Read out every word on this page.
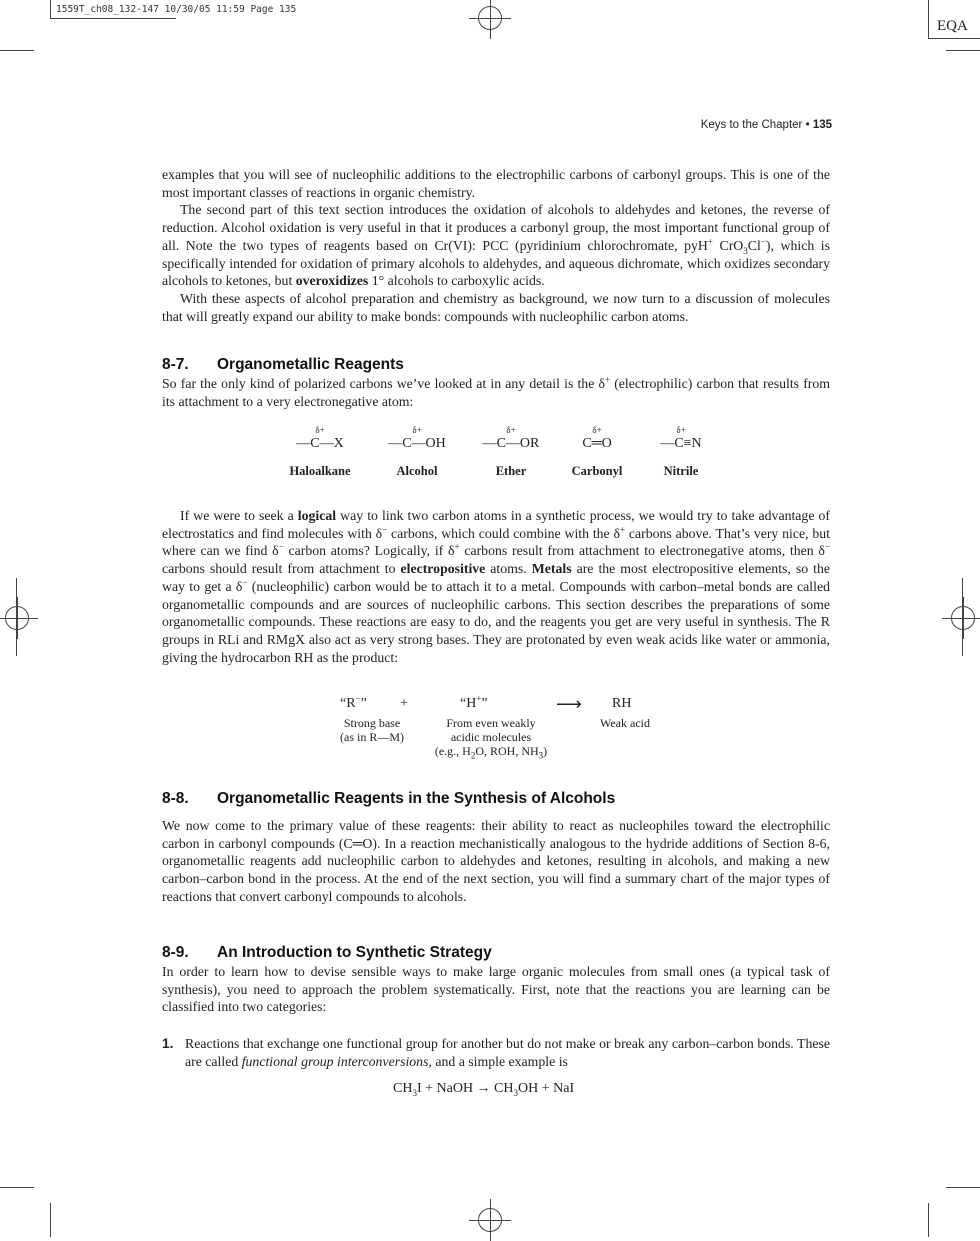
1559T_ch08_132-147 10/30/05 11:59 Page 135
EQA
Keys to the Chapter • 135

examples that you will see of nucleophilic additions to the electrophilic carbons of carbonyl groups. This is one of the most important classes of reactions in organic chemistry.

The second part of this text section introduces the oxidation of alcohols to aldehydes and ketones, the reverse of reduction. Alcohol oxidation is very useful in that it produces a carbonyl group, the most important functional group of all. Note the two types of reagents based on Cr(VI): PCC (pyridinium chlorochromate, pyH+ CrO$_3$Cl−), which is specifically intended for oxidation of primary alcohols to aldehydes, and aqueous dichromate, which oxidizes secondary alcohols to ketones, but overoxidizes 1° alcohols to carboxylic acids.

With these aspects of alcohol preparation and chemistry as background, we now turn to a discussion of molecules that will greatly expand our ability to make bonds: compounds with nucleophilic carbon atoms.

8-7. Organometallic Reagents

So far the only kind of polarized carbons we’ve looked at in any detail is the δ+ (electrophilic) carbon that results from its attachment to a very electronegative atom:

δ+
—C—X
Haloalkane
δ+
—C—OH
Alcohol
δ+
—C—OR
Ether
δ+
C═O
Carbonyl
δ+
—C≡N
Nitrile

If we were to seek a logical way to link two carbon atoms in a synthetic process, we would try to take advantage of electrostatics and find molecules with δ− carbons, which could combine with the δ+ carbons above. That’s very nice, but where can we find δ− carbon atoms? Logically, if δ+ carbons result from attachment to electronegative atoms, then δ− carbons should result from attachment to electropositive atoms. Metals are the most electropositive elements, so the way to get a δ− (nucleophilic) carbon would be to attach it to a metal. Compounds with carbon–metal bonds are called organometallic compounds and are sources of nucleophilic carbons. This section describes the preparations of some organometallic compounds. These reactions are easy to do, and the reagents you get are very useful in synthesis. The R groups in RLi and RMgX also act as very strong bases. They are protonated by even weak acids like water or ammonia, giving the hydrocarbon RH as the product:

“R−” +	“H+”	⟶ RH
Strong base
(as in R—M)
From even weakly
acidic molecules
(e.g., $H_2O$, ROH, $NH_3$)
Weak acid
8-8. Organometallic Reagents in the Synthesis of Alcohols

We now come to the primary value of these reagents: their ability to react as nucleophiles toward the electrophilic carbon in carbonyl compounds (C═O). In a reaction mechanistically analogous to the hydride additions of Section 8-6, organometallic reagents add nucleophilic carbon to aldehydes and ketones, resulting in alcohols, and making a new carbon–carbon bond in the process. At the end of the next section, you will find a summary chart of the major types of reactions that convert carbonyl compounds to alcohols.

8-9. An Introduction to Synthetic Strategy

In order to learn how to devise sensible ways to make large organic molecules from small ones (a typical task of synthesis), you need to approach the problem systematically. First, note that the reactions you are learning can be classified into two categories:

1. Reactions that exchange one functional group for another but do not make or break any carbon–carbon bonds. These are called functional group interconversions, and a simple example is
$CH_3I$ + NaOH → $CH_3OH$ + NaI
